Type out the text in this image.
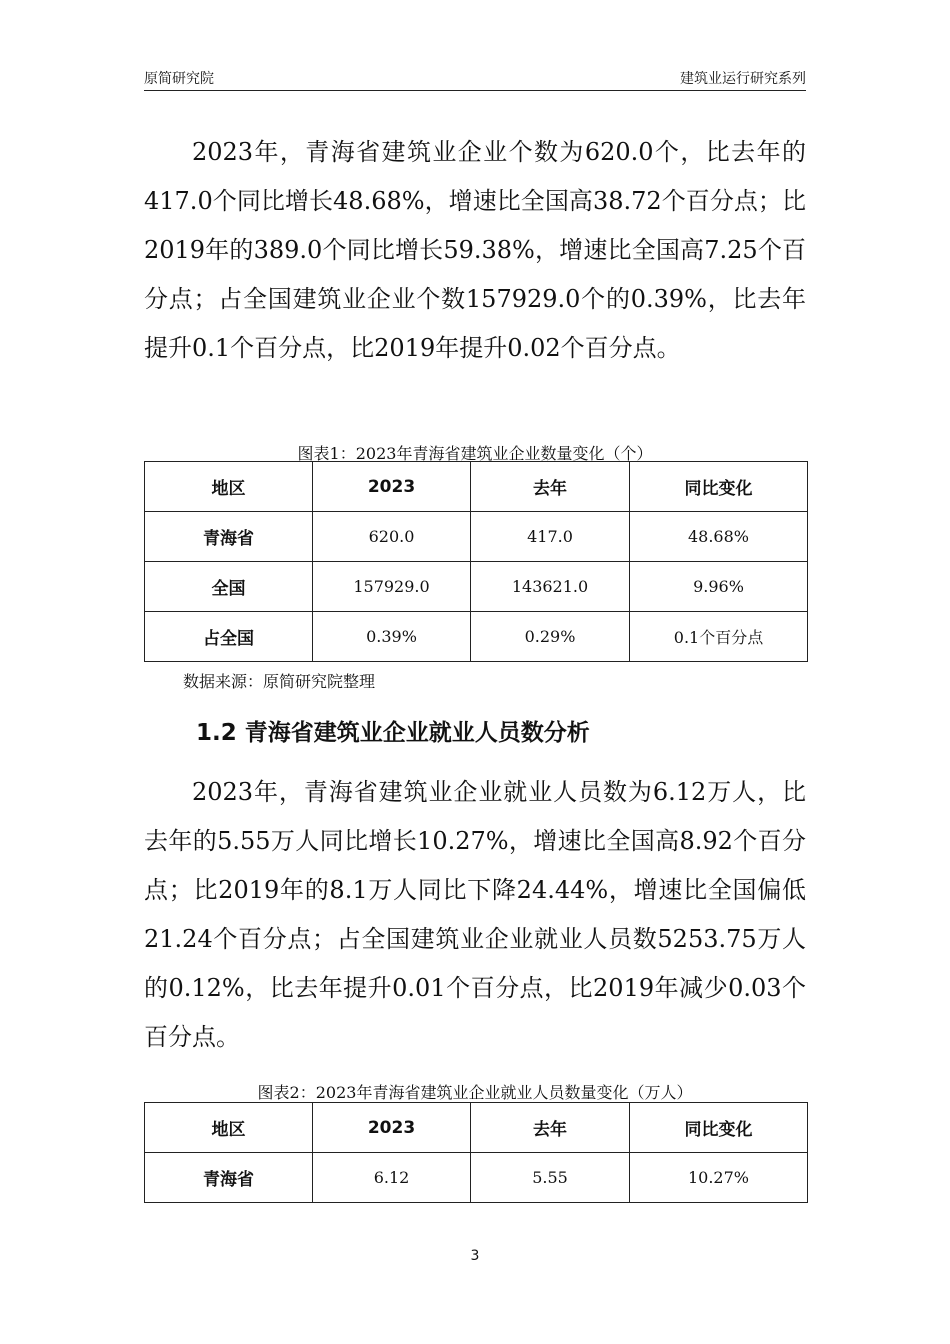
原简研究院	建筑业运行研究系列

2023年，青海省建筑业企业个数为620.0个，比去年的417.0个同比增长48.68%，增速比全国高38.72个百分点；比2019年的389.0个同比增长59.38%，增速比全国高7.25个百分点；占全国建筑业企业个数157929.0个的0.39%，比去年提升0.1个百分点，比2019年提升0.02个百分点。

图表1：2023年青海省建筑业企业数量变化（个）
地区	2023	去年	同比变化
青海省	620.0	417.0	48.68%
全国	157929.0	143621.0	9.96%
占全国	0.39%	0.29%	0.1个百分点
数据来源：原简研究院整理
1.2 青海省建筑业企业就业人员数分析

2023年，青海省建筑业企业就业人员数为6.12万人，比去年的5.55万人同比增长10.27%，增速比全国高8.92个百分点；比2019年的8.1万人同比下降24.44%，增速比全国偏低21.24个百分点；占全国建筑业企业就业人员数5253.75万人的0.12%，比去年提升0.01个百分点，比2019年减少0.03个百分点。

图表2：2023年青海省建筑业企业就业人员数量变化（万人）
地区	2023	去年	同比变化
青海省	6.12	5.55	10.27%
3
